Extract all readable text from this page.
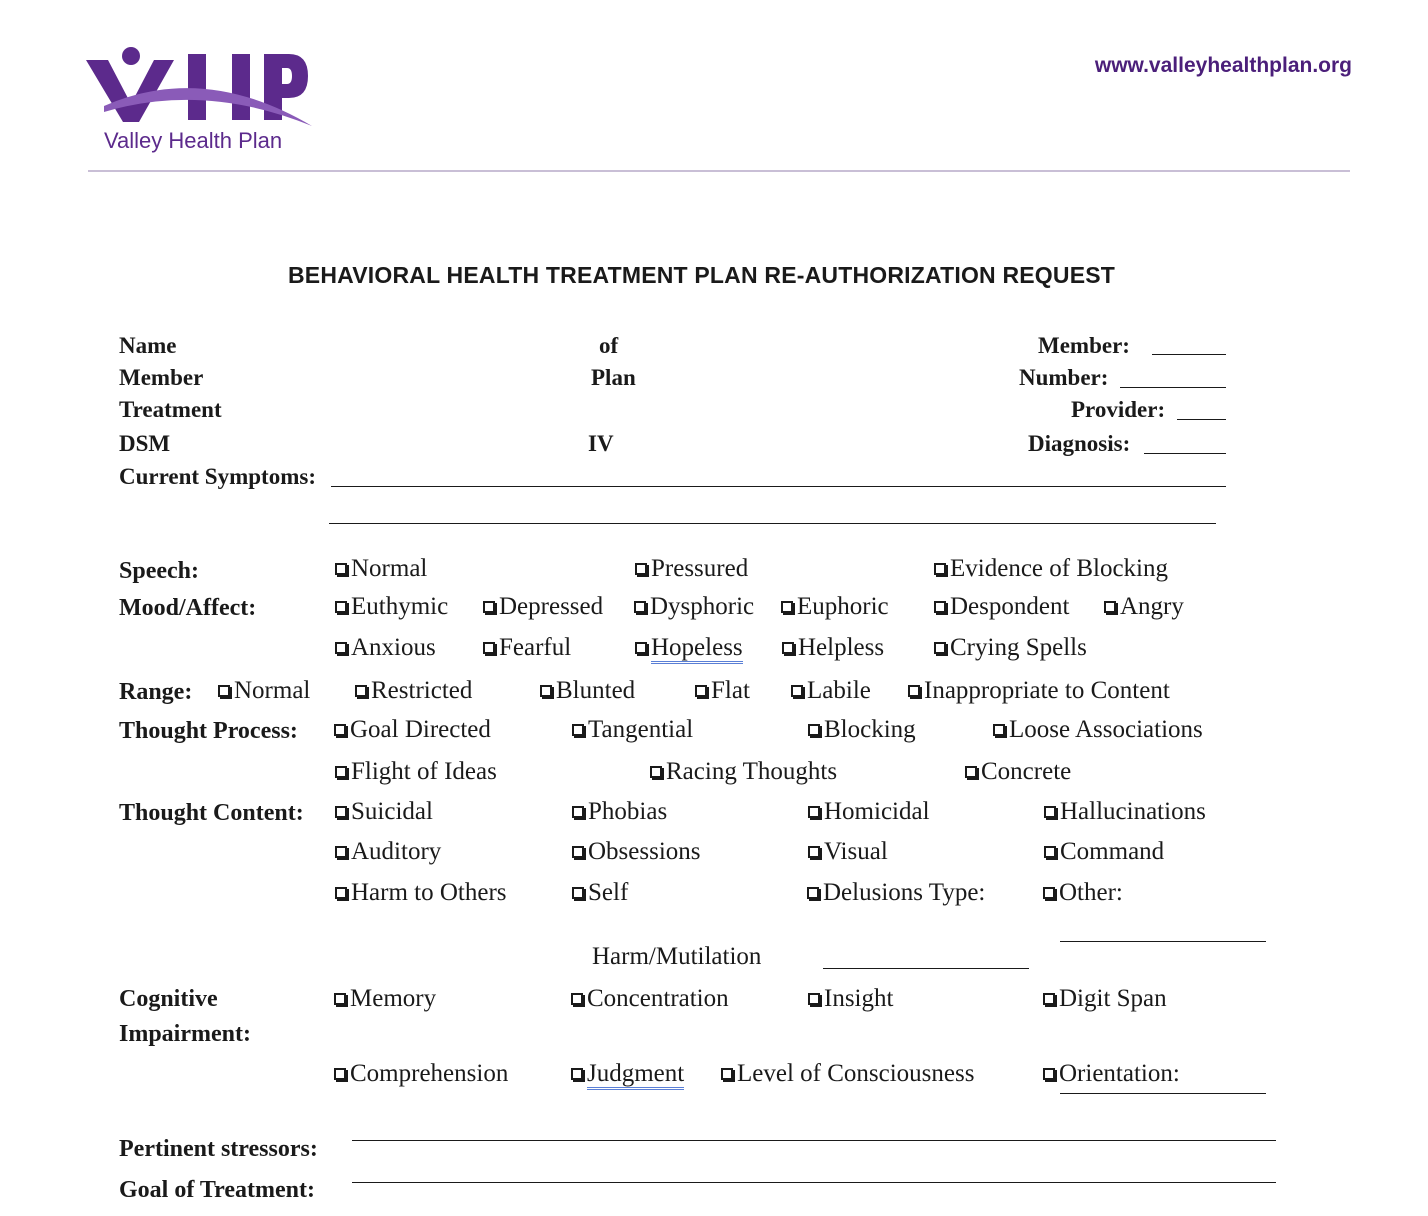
Valley Health Plan
www.valleyhealthplan.org
BEHAVIORAL HEALTH TREATMENT PLAN RE-AUTHORIZATION REQUEST
Name	of	Member:
Member	Plan	Number:
Treatment	Provider:
DSM	IV	Diagnosis:
Current Symptoms:
Speech:	Normal	Pressured	Evidence of Blocking
Mood/Affect:	Euthymic	Depressed	Dysphoric	Euphoric	Despondent	Angry
Anxious	Fearful	Hopeless	Helpless	Crying Spells
Range:	Normal	Restricted	Blunted	Flat	Labile	Inappropriate to Content
Thought Process:	Goal Directed	Tangential	Blocking	Loose Associations
Flight of Ideas	Racing Thoughts	Concrete
Thought Content:	Suicidal	Phobias	Homicidal	Hallucinations
Auditory	Obsessions	Visual	Command
Harm to Others	Self	Delusions Type:	Other:
Harm/Mutilation
Cognitive
Impairment:
Memory	Concentration	Insight	Digit Span
Comprehension	Judgment	Level of Consciousness	Orientation:
Pertinent stressors:
Goal of Treatment:
